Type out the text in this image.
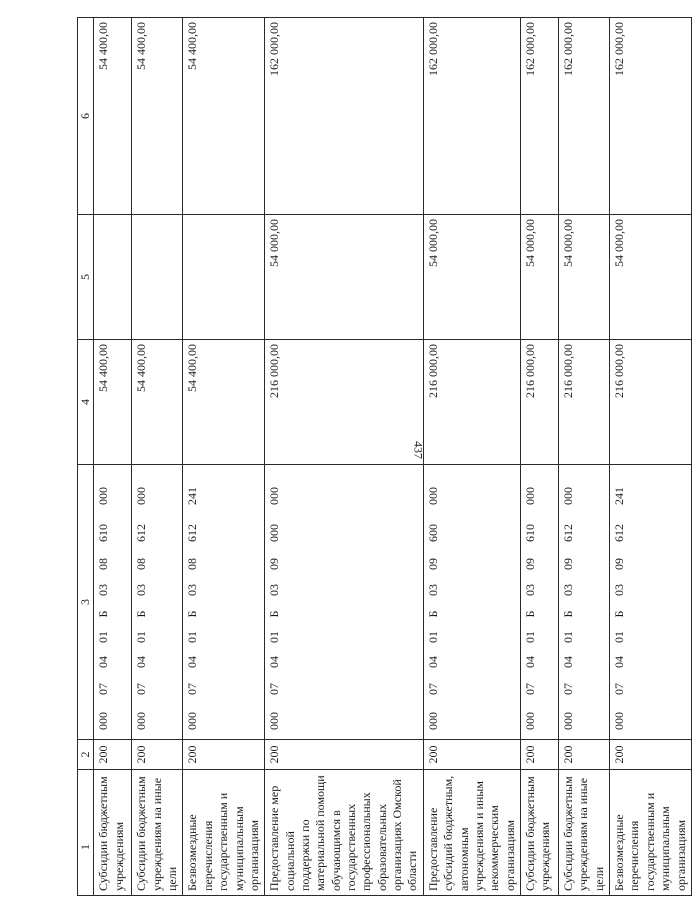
437
1	2	3	4	5	6
Субсидии бюджетным учреждениям	200	000070401Б0308610000	54 400,00		54 400,00
Субсидии бюджетным учреждениям на иные цели	200	000070401Б0308612000	54 400,00		54 400,00
Безвозмездные перечисления государственным и муниципальным организациям	200	000070401Б0308612241	54 400,00		54 400,00
Предоставление мер социальной поддержки по материальной помощи обучающимся в государственных профессиональных образовательных организациях Омской области	200	000070401Б0309000000	216 000,00	54 000,00	162 000,00
Предоставление субсидий бюджетным, автономным учреждениям и иным некоммерческим организациям	200	000070401Б0309600000	216 000,00	54 000,00	162 000,00
Субсидии бюджетным учреждениям	200	000070401Б0309610000	216 000,00	54 000,00	162 000,00
Субсидии бюджетным учреждениям на иные цели	200	000070401Б0309612000	216 000,00	54 000,00	162 000,00
Безвозмездные перечисления государственным и муниципальным организациям	200	000070401Б0309612241	216 000,00	54 000,00	162 000,00
